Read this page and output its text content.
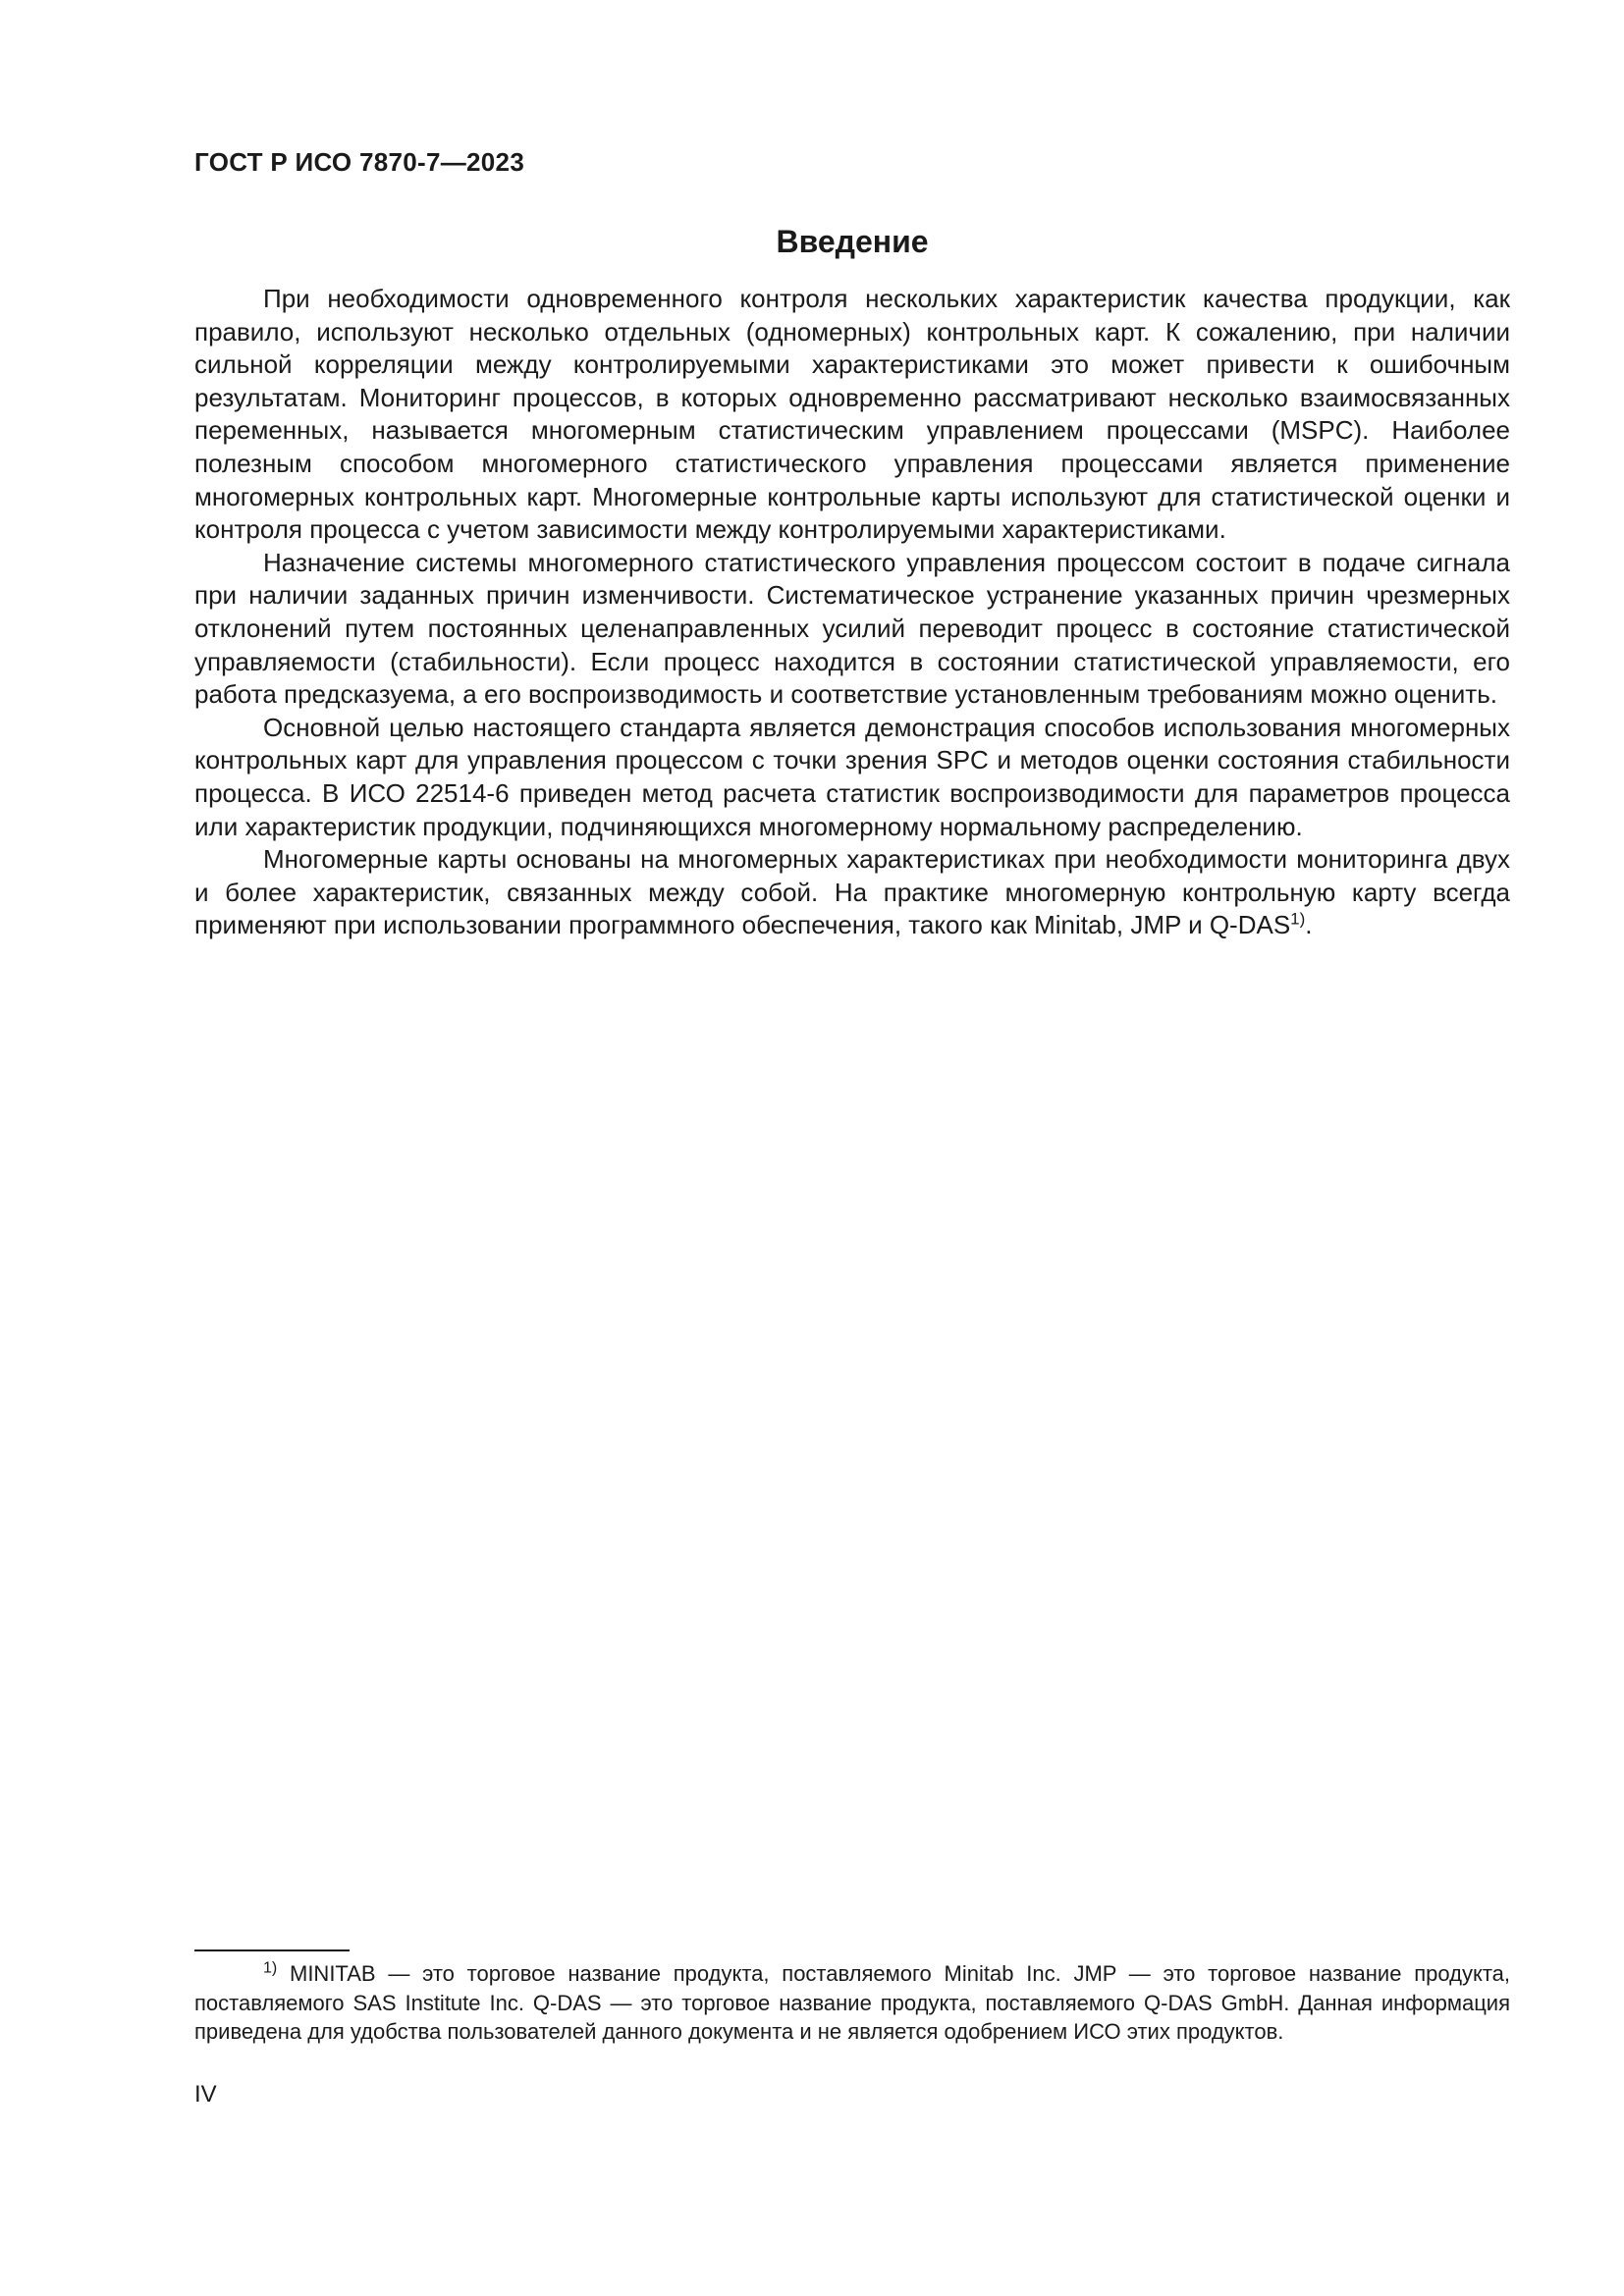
ГОСТ Р ИСО 7870-7—2023
Введение

При необходимости одновременного контроля нескольких характеристик качества продукции, как правило, используют несколько отдельных (одномерных) контрольных карт. К сожалению, при наличии сильной корреляции между контролируемыми характеристиками это может привести к ошибочным результатам. Мониторинг процессов, в которых одновременно рассматривают несколько взаимосвязанных переменных, называется многомерным статистическим управлением процессами (MSPC). Наиболее полезным способом многомерного статистического управления процессами является применение многомерных контрольных карт. Многомерные контрольные карты используют для статистической оценки и контроля процесса с учетом зависимости между контролируемыми характеристиками.

Назначение системы многомерного статистического управления процессом состоит в подаче сигнала при наличии заданных причин изменчивости. Систематическое устранение указанных причин чрезмерных отклонений путем постоянных целенаправленных усилий переводит процесс в состояние статистической управляемости (стабильности). Если процесс находится в состоянии статистической управляемости, его работа предсказуема, а его воспроизводимость и соответствие установленным требованиям можно оценить.

Основной целью настоящего стандарта является демонстрация способов использования многомерных контрольных карт для управления процессом с точки зрения SPC и методов оценки состояния стабильности процесса. В ИСО 22514-6 приведен метод расчета статистик воспроизводимости для параметров процесса или характеристик продукции, подчиняющихся многомерному нормальному распределению.

Многомерные карты основаны на многомерных характеристиках при необходимости мониторинга двух и более характеристик, связанных между собой. На практике многомерную контрольную карту всегда применяют при использовании программного обеспечения, такого как Minitab, JMP и Q-DAS$^{1)}$.

$^{1)}$ MINITAB — это торговое название продукта, поставляемого Minitab Inc. JMP — это торговое название продукта, поставляемого SAS Institute Inc. Q-DAS — это торговое название продукта, поставляемого Q-DAS GmbH. Данная информация приведена для удобства пользователей данного документа и не является одобрением ИСО этих продуктов.

IV
